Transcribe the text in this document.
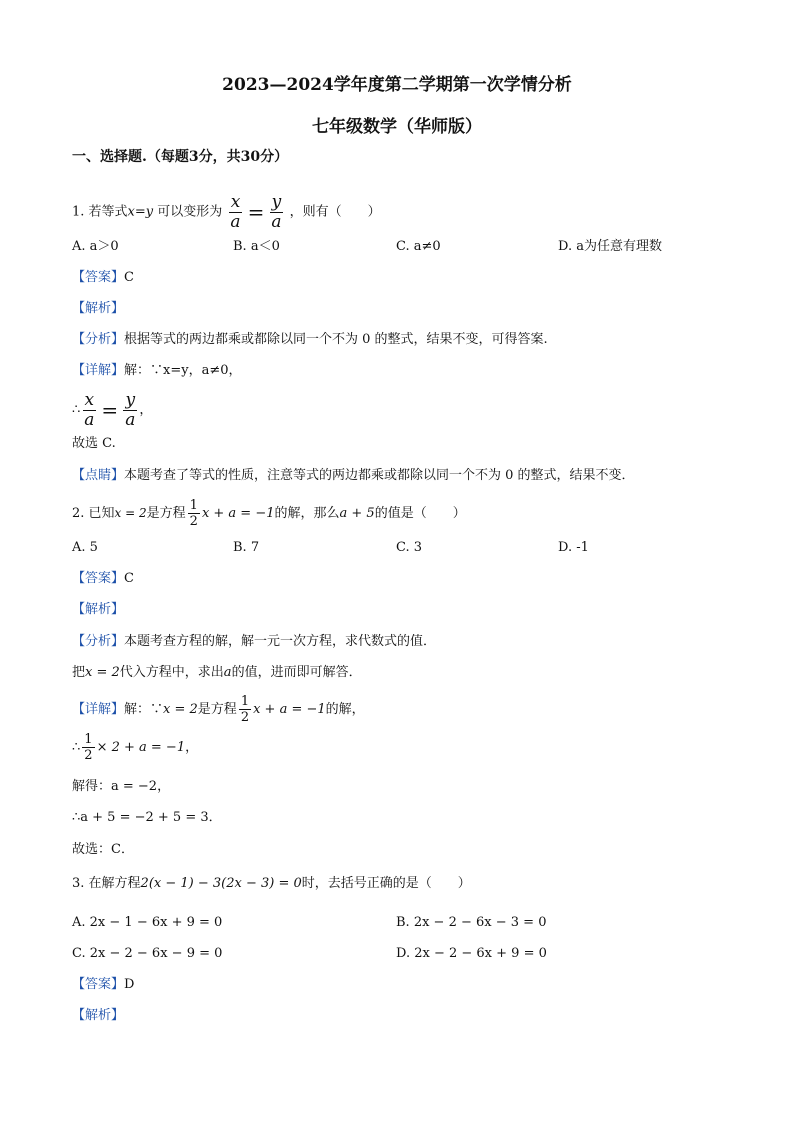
2023—2024学年度第二学期第一次学情分析
七年级数学（华师版）
一、选择题.（每题3分，共30分）
1. 若等式x=y 可以变形为 $\frac{x}{a} = \frac{y}{a}$ ，则有（　　）
A. a＞0	B. a＜0	C. a≠0	D. a为任意有理数
【答案】C
【解析】
【分析】根据等式的两边都乘或都除以同一个不为 0 的整式，结果不变，可得答案.
【详解】解：∵x=y，a≠0，
∴ $\frac{x}{a} = \frac{y}{a}$ ，
故选 C.
【点睛】本题考查了等式的性质，注意等式的两边都乘或都除以同一个不为 0 的整式，结果不变．
2. 已知x = 2是方程 $\frac{1}{2}$ x + a = −1的解，那么a + 5的值是（　　）
A. 5	B. 7	C. 3	D. -1
【答案】C
【解析】
【分析】本题考查方程的解，解一元一次方程，求代数式的值．
把x = 2代入方程中，求出a的值，进而即可解答．
【详解】解：∵x = 2是方程 $\frac{1}{2}$ x + a = −1的解，
∴ $\frac{1}{2} \times 2 + a = -1$，
解得：a = −2，
∴a + 5 = −2 + 5 = 3．
故选：C．
3. 在解方程2(x − 1) − 3(2x − 3) = 0时，去括号正确的是（　　）
A. 2x − 1 − 6x + 9 = 0	B. 2x − 2 − 6x − 3 = 0
C. 2x − 2 − 6x − 9 = 0	D. 2x − 2 − 6x + 9 = 0
【答案】D
【解析】
